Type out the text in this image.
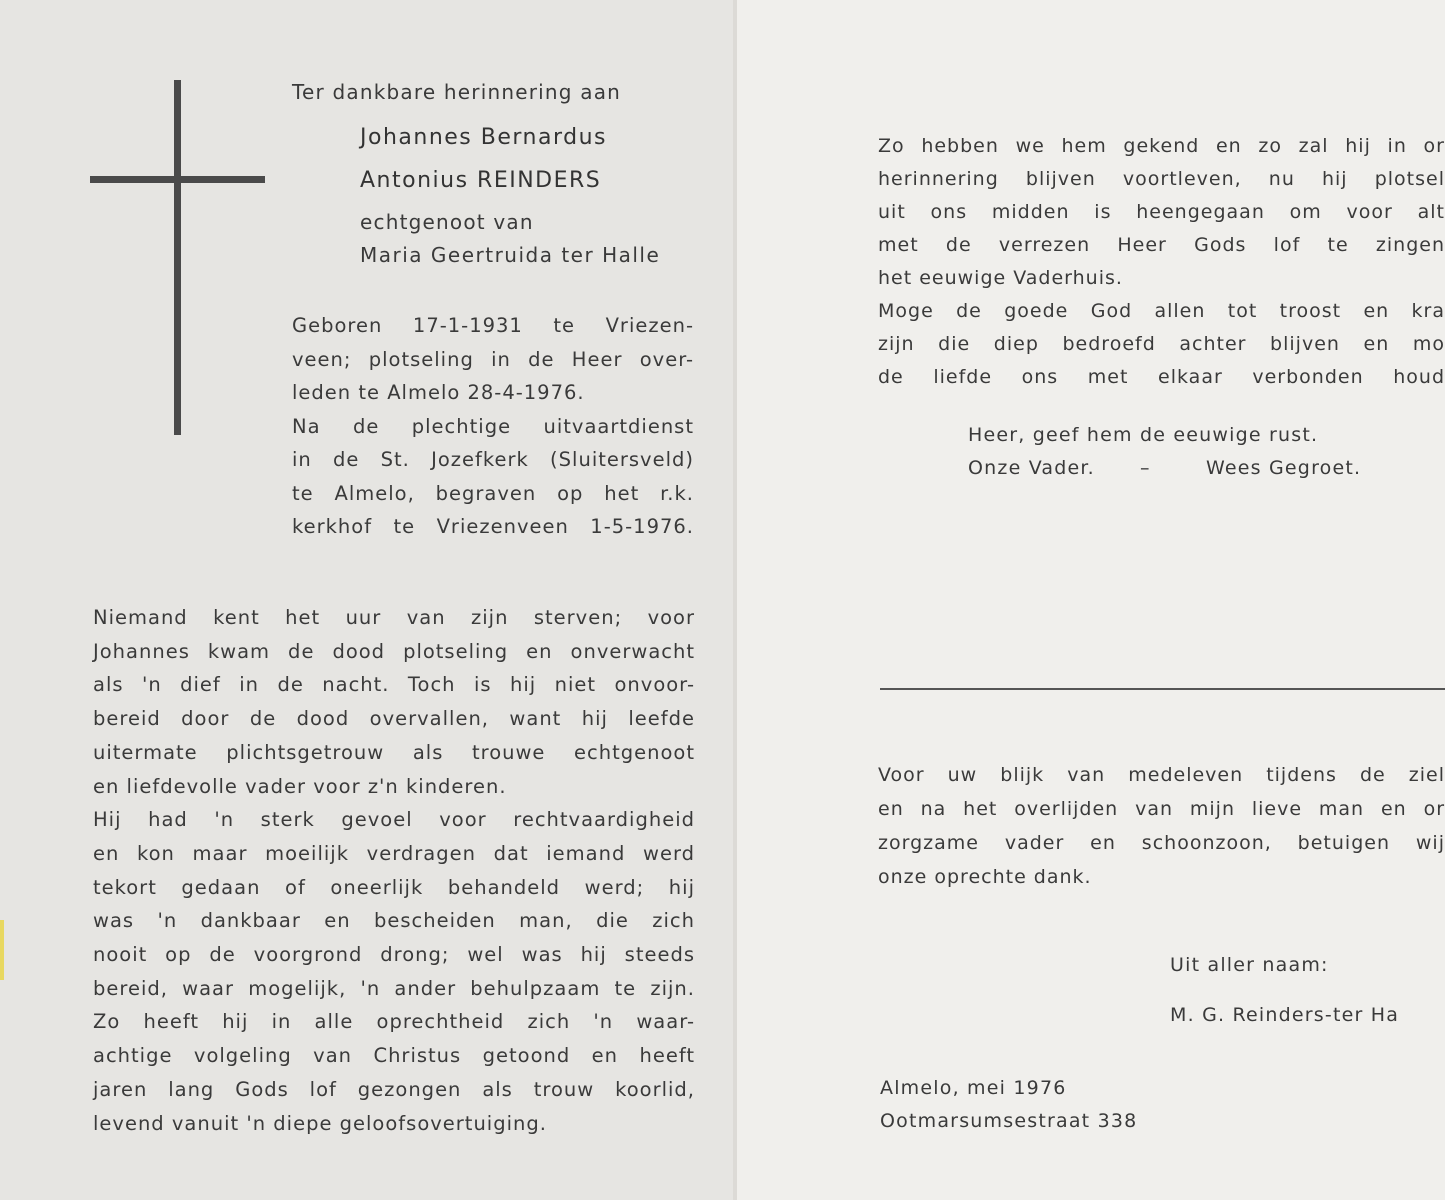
Ter dankbare herinnering aan
Johannes Bernardus
Antonius REINDERS
echtgenoot van
Maria Geertruida ter Halle
Geboren 17-1-1931 te Vriezen-
veen; plotseling in de Heer over-
leden te Almelo 28-4-1976.
Na de plechtige uitvaartdienst
in de St. Jozefkerk (Sluitersveld)
te Almelo, begraven op het r.k.
kerkhof te Vriezenveen 1-5-1976.
Niemand kent het uur van zijn sterven; voor
Johannes kwam de dood plotseling en onverwacht
als 'n dief in de nacht. Toch is hij niet onvoor-
bereid door de dood overvallen, want hij leefde
uitermate plichtsgetrouw als trouwe echtgenoot
en liefdevolle vader voor z'n kinderen.
Hij had 'n sterk gevoel voor rechtvaardigheid
en kon maar moeilijk verdragen dat iemand werd
tekort gedaan of oneerlijk behandeld werd; hij
was 'n dankbaar en bescheiden man, die zich
nooit op de voorgrond drong; wel was hij steeds
bereid, waar mogelijk, 'n ander behulpzaam te zijn.
Zo heeft hij in alle oprechtheid zich 'n waar-
achtige volgeling van Christus getoond en heeft
jaren lang Gods lof gezongen als trouw koorlid,
levend vanuit 'n diepe geloofsovertuiging.
Zo hebben we hem gekend en zo zal hij in or
herinnering blijven voortleven, nu hij plotsel
uit ons midden is heengegaan om voor alt
met de verrezen Heer Gods lof te zingen
het eeuwige Vaderhuis.
Moge de goede God allen tot troost en kra
zijn die diep bedroefd achter blijven en mo
de liefde ons met elkaar verbonden houd
Heer, geef hem de eeuwige rust.
Onze Vader. –	Wees Gegroet.
Voor uw blijk van medeleven tijdens de ziel
en na het overlijden van mijn lieve man en or
zorgzame vader en schoonzoon, betuigen wij
onze oprechte dank.
Uit aller naam:
M. G. Reinders-ter Ha
Almelo, mei 1976
Ootmarsumsestraat 338
